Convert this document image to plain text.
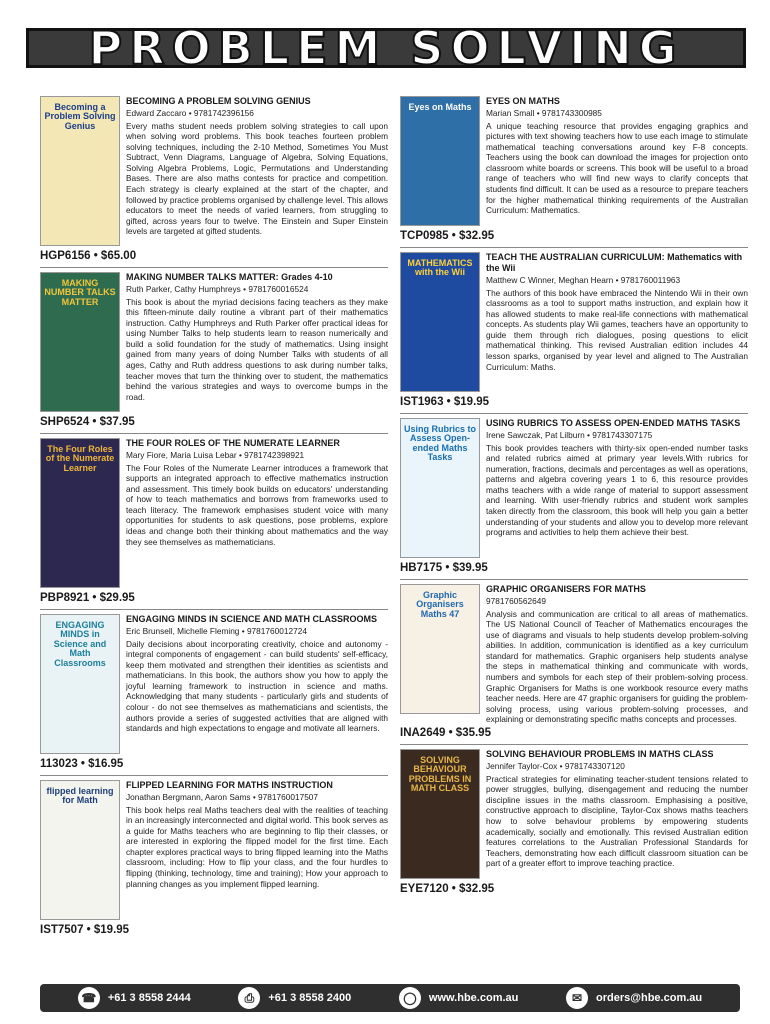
PROBLEM SOLVING
Becoming a Problem Solving Genius
BECOMING A PROBLEM SOLVING GENIUS
Edward Zaccaro • 9781742396156
Every maths student needs problem solving strategies to call upon when solving word problems. This book teaches fourteen problem solving techniques, including the 2-10 Method, Sometimes You Must Subtract, Venn Diagrams, Language of Algebra, Solving Equations, Solving Algebra Problems, Logic, Permutations and Understanding Bases. There are also maths contests for practice and competition. Each strategy is clearly explained at the start of the chapter, and followed by practice problems organised by challenge level. This allows educators to meet the needs of varied learners, from struggling to gifted, across years four to twelve. The Einstein and Super Einstein levels are targeted at gifted students.
HGP6156 • $65.00
MAKING NUMBER TALKS MATTER
MAKING NUMBER TALKS MATTER: Grades 4-10
Ruth Parker, Cathy Humphreys • 9781760016524
This book is about the myriad decisions facing teachers as they make this fifteen-minute daily routine a vibrant part of their mathematics instruction. Cathy Humphreys and Ruth Parker offer practical ideas for using Number Talks to help students learn to reason numerically and build a solid foundation for the study of mathematics. Using insight gained from many years of doing Number Talks with students of all ages, Cathy and Ruth address questions to ask during number talks, teacher moves that turn the thinking over to student, the mathematics behind the various strategies and ways to overcome bumps in the road.
SHP6524 • $37.95
The Four Roles of the Numerate Learner
THE FOUR ROLES OF THE NUMERATE LEARNER
Mary Fiore, Maria Luisa Lebar • 9781742398921
The Four Roles of the Numerate Learner introduces a framework that supports an integrated approach to effective mathematics instruction and assessment. This timely book builds on educators' understanding of how to teach mathematics and borrows from frameworks used to teach literacy. The framework emphasises student voice with many opportunities for students to ask questions, pose problems, explore ideas and change both their thinking about mathematics and the way they see themselves as mathematicians.
PBP8921 • $29.95
ENGAGING MINDS in Science and Math Classrooms
ENGAGING MINDS IN SCIENCE AND MATH CLASSROOMS
Eric Brunsell, Michelle Fleming • 9781760012724
Daily decisions about incorporating creativity, choice and autonomy - integral components of engagement - can build students' self-efficacy, keep them motivated and strengthen their identities as scientists and mathematicians. In this book, the authors show you how to apply the joyful learning framework to instruction in science and maths. Acknowledging that many students - particularly girls and students of colour - do not see themselves as mathematicians and scientists, the authors provide a series of suggested activities that are aligned with standards and high expectations to engage and motivate all learners.
113023 • $16.95
flipped learning for Math
FLIPPED LEARNING FOR MATHS INSTRUCTION
Jonathan Bergmann, Aaron Sams • 9781760017507
This book helps real Maths teachers deal with the realities of teaching in an increasingly interconnected and digital world. This book serves as a guide for Maths teachers who are beginning to flip their classes, or are interested in exploring the flipped model for the first time. Each chapter explores practical ways to bring flipped learning into the Maths classroom, including: How to flip your class, and the four hurdles to flipping (thinking, technology, time and training); How your approach to planning changes as you implement flipped learning.
IST7507 • $19.95
Eyes on Maths
EYES ON MATHS
Marian Small • 9781743300985
A unique teaching resource that provides engaging graphics and pictures with text showing teachers how to use each image to stimulate mathematical teaching conversations around key F-8 concepts. Teachers using the book can download the images for projection onto classroom white boards or screens. This book will be useful to a broad range of teachers who will find new ways to clarify concepts that students find difficult. It can be used as a resource to prepare teachers for the higher mathematical thinking requirements of the Australian Curriculum: Mathematics.
TCP0985 • $32.95
MATHEMATICS with the Wii
TEACH THE AUSTRALIAN CURRICULUM: Mathematics with the Wii
Matthew C Winner, Meghan Hearn • 9781760011963
The authors of this book have embraced the Nintendo Wii in their own classrooms as a tool to support maths instruction, and explain how it has allowed students to make real-life connections with mathematical concepts. As students play Wii games, teachers have an opportunity to guide them through rich dialogues, posing questions to elicit mathematical thinking. This revised Australian edition includes 44 lesson sparks, organised by year level and aligned to The Australian Curriculum: Maths.
IST1963 • $19.95
Using Rubrics to Assess Open-ended Maths Tasks
USING RUBRICS TO ASSESS OPEN-ENDED MATHS TASKS
Irene Sawczak, Pat Lilburn • 9781743307175
This book provides teachers with thirty-six open-ended number tasks and related rubrics aimed at primary year levels.With rubrics for numeration, fractions, decimals and percentages as well as operations, patterns and algebra covering years 1 to 6, this resource provides maths teachers with a wide range of material to support assessment and learning. With user-friendly rubrics and student work samples taken directly from the classroom, this book will help you gain a better understanding of your students and allow you to develop more relevant programs and activities to help them achieve their best.
HB7175 • $39.95
Graphic Organisers Maths 47
GRAPHIC ORGANISERS FOR MATHS
9781760562649
Analysis and communication are critical to all areas of mathematics. The US National Council of Teacher of Mathematics encourages the use of diagrams and visuals to help students develop problem-solving abilities. In addition, communication is identified as a key curriculum standard for mathematics. Graphic organisers help students analyse the steps in mathematical thinking and communicate with words, numbers and symbols for each step of their problem-solving process. Graphic Organisers for Maths is one workbook resource every maths teacher needs. Here are 47 graphic organisers for guiding the problem-solving process, using various problem-solving processes, and explaining or demonstrating specific maths concepts and processes.
INA2649 • $35.95
SOLVING BEHAVIOUR PROBLEMS IN MATH CLASS
SOLVING BEHAVIOUR PROBLEMS IN MATHS CLASS
Jennifer Taylor-Cox • 9781743307120
Practical strategies for eliminating teacher-student tensions related to power struggles, bullying, disengagement and reducing the number discipline issues in the maths classroom. Emphasising a positive, constructive approach to discipline, Taylor-Cox shows maths teachers how to solve behaviour problems by empowering students academically, socially and emotionally. This revised Australian edition features correlations to the Australian Professional Standards for Teachers, demonstrating how each difficult classroom situation can be part of a greater effort to improve teaching practice.
EYE7120 • $32.95
☎	+61 3 8558 2444	⎙	+61 3 8558 2400	◯	www.hbe.com.au	✉	orders@hbe.com.au
